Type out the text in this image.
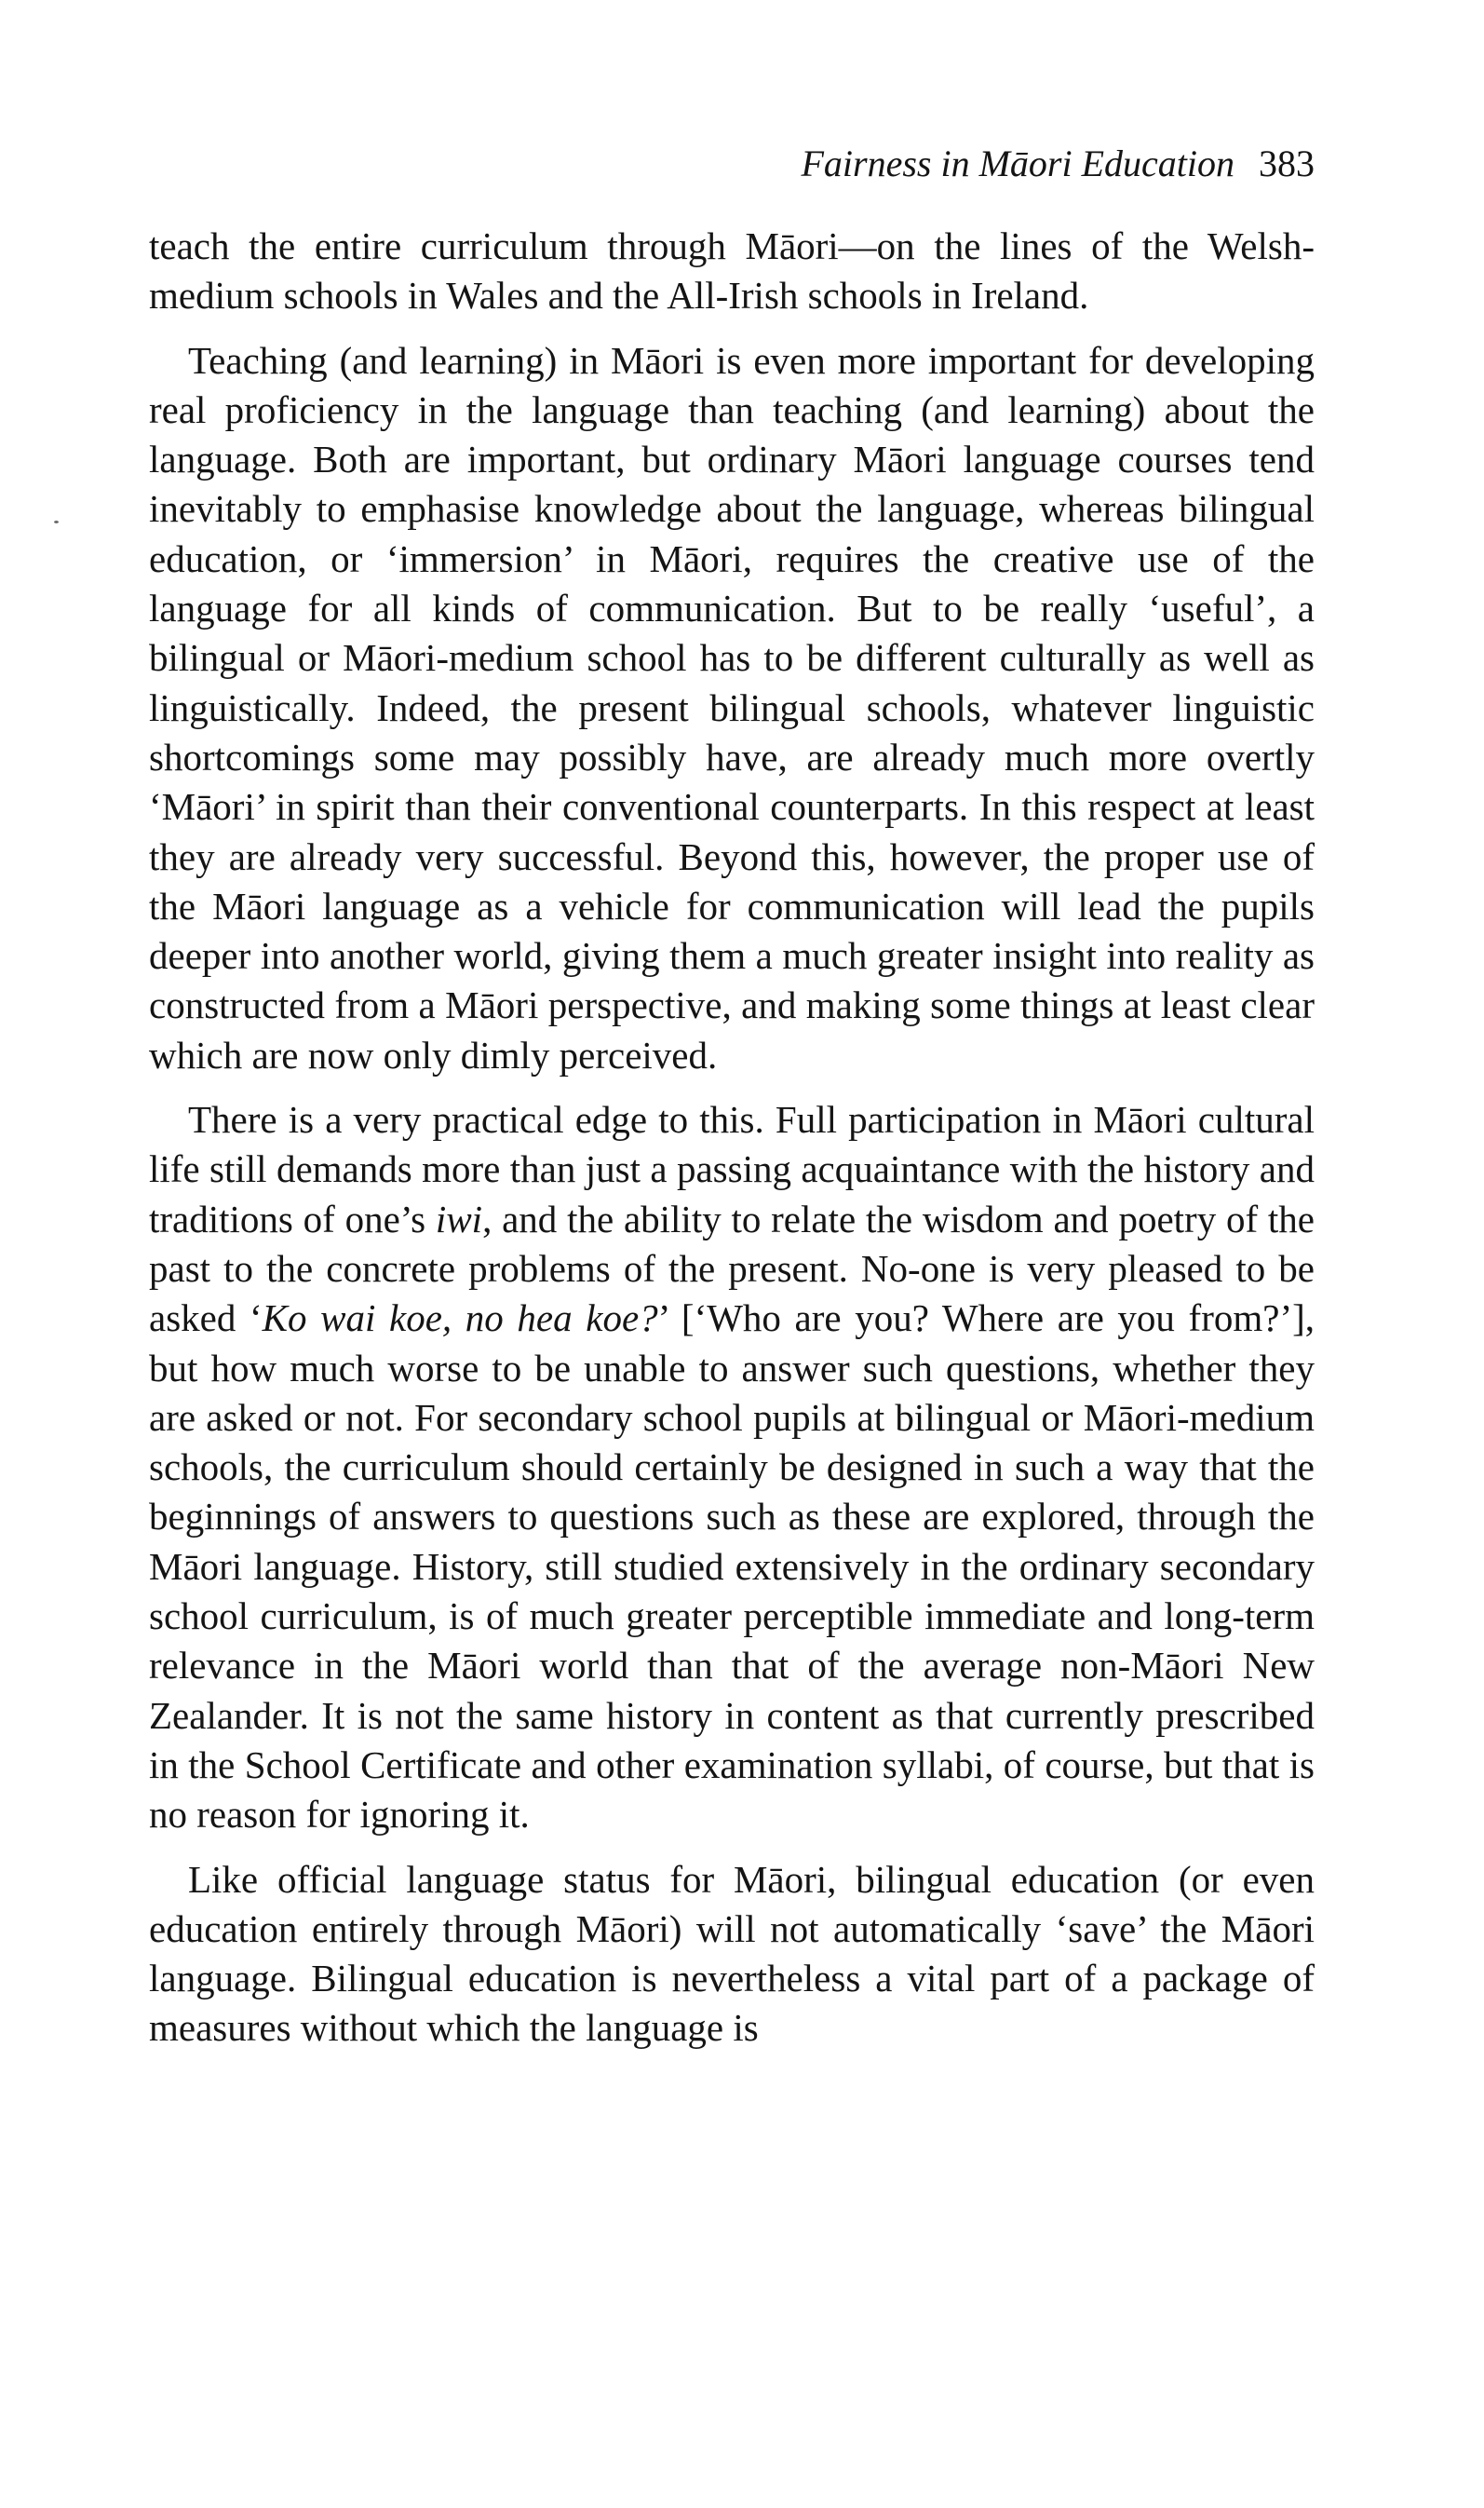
Fairness in Māori Education 383

teach the entire curriculum through Māori—on the lines of the Welsh-medium schools in Wales and the All-Irish schools in Ireland.

Teaching (and learning) in Māori is even more important for developing real proficiency in the language than teaching (and learning) about the language. Both are important, but ordinary Māori language courses tend inevitably to emphasise knowledge about the language, whereas bilingual education, or ‘immersion’ in Māori, requires the creative use of the language for all kinds of communication. But to be really ‘useful’, a bilingual or Māori-medium school has to be different culturally as well as linguistically. Indeed, the present bilingual schools, whatever linguistic shortcomings some may possibly have, are already much more overtly ‘Māori’ in spirit than their conventional counterparts. In this respect at least they are already very successful. Beyond this, however, the proper use of the Māori language as a vehicle for communication will lead the pupils deeper into another world, giving them a much greater insight into reality as constructed from a Māori perspective, and making some things at least clear which are now only dimly perceived.

There is a very practical edge to this. Full participation in Māori cultural life still demands more than just a passing acquaintance with the history and traditions of one’s iwi, and the ability to relate the wisdom and poetry of the past to the concrete problems of the present. No-one is very pleased to be asked ‘Ko wai koe, no hea koe?’ [‘Who are you? Where are you from?’], but how much worse to be unable to answer such questions, whether they are asked or not. For secondary school pupils at bilingual or Māori-medium schools, the curriculum should certainly be designed in such a way that the beginnings of answers to questions such as these are explored, through the Māori language. History, still studied extensively in the ordinary secondary school curriculum, is of much greater perceptible immediate and long-term relevance in the Māori world than that of the average non-Māori New Zealander. It is not the same history in content as that currently prescribed in the School Certificate and other examination syllabi, of course, but that is no reason for ignoring it.

Like official language status for Māori, bilingual education (or even education entirely through Māori) will not automatically ‘save’ the Māori language. Bilingual education is nevertheless a vital part of a package of measures without which the language is
